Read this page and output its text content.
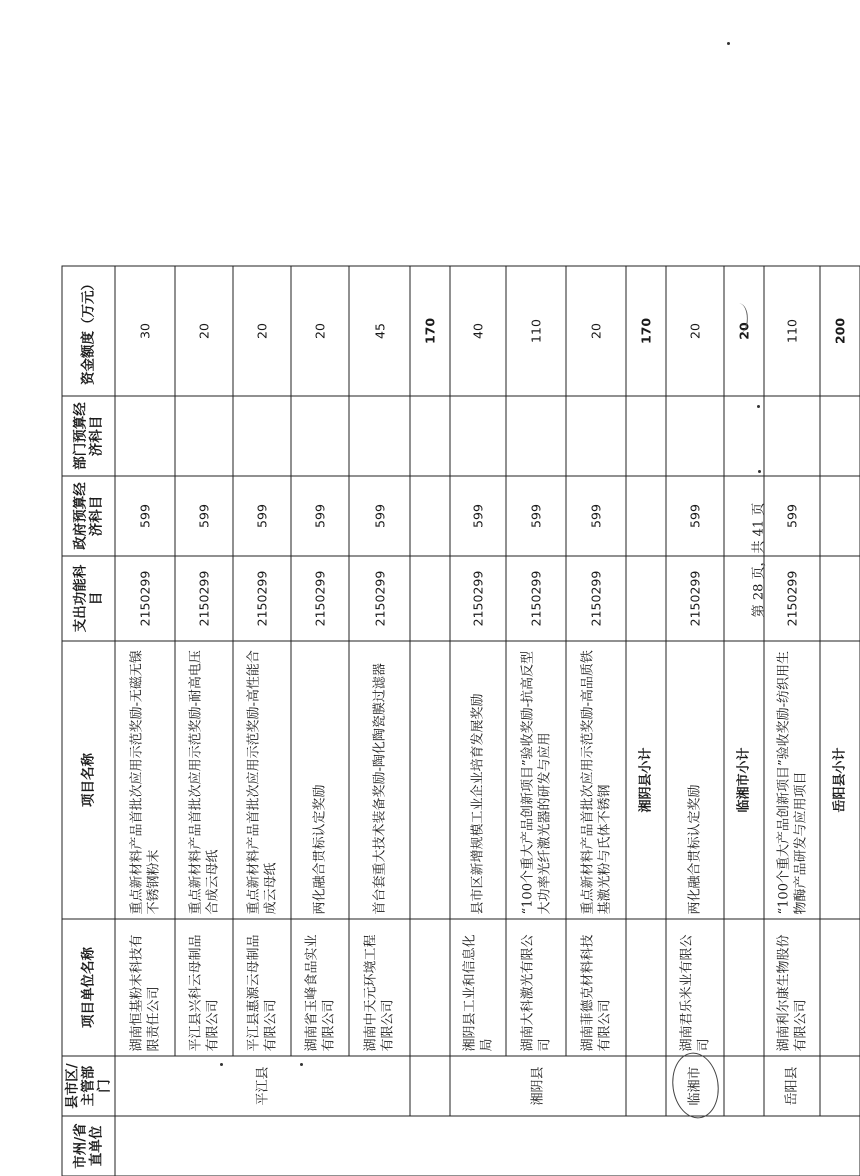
市州/省直单位	县市区/主管部门	项目单位名称	项目名称	支出功能科目	政府预算经济科目	部门预算经济科目	资金额度（万元）
	平江县	湖南恒基粉末科技有限责任公司	重点新材料产品首批次应用示范奖励-无磁无镍不锈钢粉末	2150299	599		30
		平江县兴科云母制品有限公司	重点新材料产品首批次应用示范奖励-耐高电压合成云母纸	2150299	599		20
		平江县惠源云母制品有限公司	重点新材料产品首批次应用示范奖励-高性能合成云母纸	2150299	599		20
		湖南省玉峰食品实业有限公司	两化融合贯标认定奖励	2150299	599		20
		湖南中天元环境工程有限公司	首台套重大技术装备奖励-陶化陶瓷膜过滤器	2150299	599		45
							170
	湘阴县	湘阴县工业和信息化局	县市区新增规模工业企业培育发展奖励	2150299	599		40
		湖南大科激光有限公司	“100个重大产品创新项目”验收奖励-抗高反型大功率光纤激光器的研发与应用	2150299	599		110
		湖南菲德克材料科技有限公司	重点新材料产品首批次应用示范奖励-高品质铁基激光粉与氏体不锈钢	2150299	599		20
			湘阴县小计				170
	临湘市	湖南君乐米业有限公司	两化融合贯标认定奖励	2150299	599		20
			临湘市小计				20

	岳阳县	湖南利尔康生物股份有限公司	“100个重大产品创新项目”验收奖励-纺织用生物酶产品研发与应用项目	2150299	599		110
			岳阳县小计				200
第 28 页，共 41 页
